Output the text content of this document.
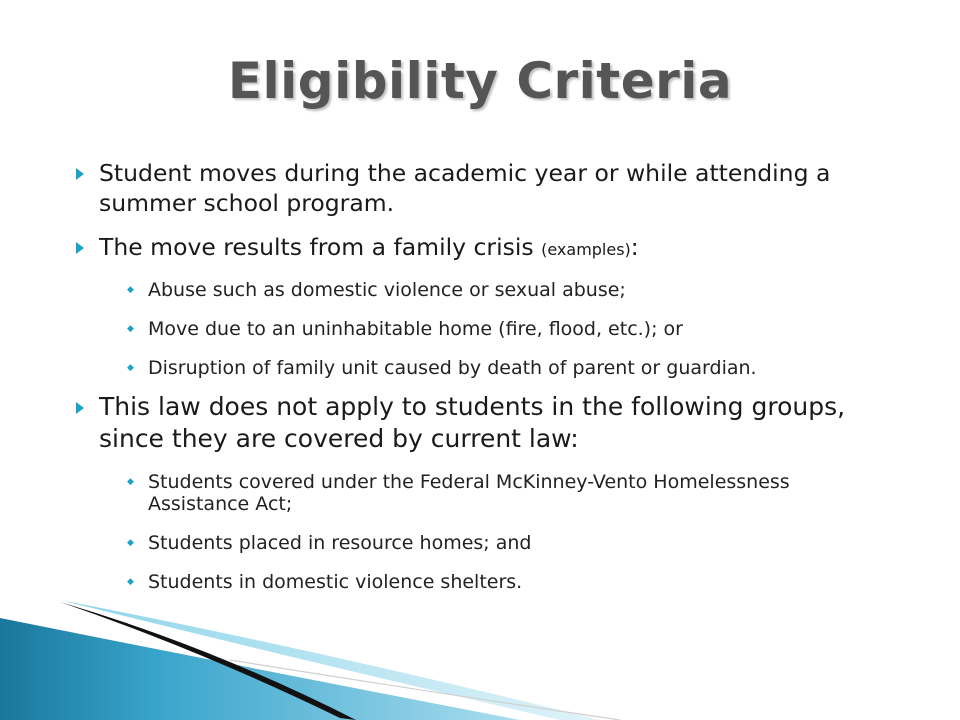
Eligibility Criteria
Student moves during the academic year or while attending a summer school program.
The move results from a family crisis (examples):
◆ Abuse such as domestic violence or sexual abuse;
◆ Move due to an uninhabitable home (fire, flood, etc.); or
◆ Disruption of family unit caused by death of parent or guardian.
This law does not apply to students in the following groups, since they are covered by current law:
◆ Students covered under the Federal McKinney-Vento Homelessness Assistance Act;
◆ Students placed in resource homes; and
◆ Students in domestic violence shelters.
